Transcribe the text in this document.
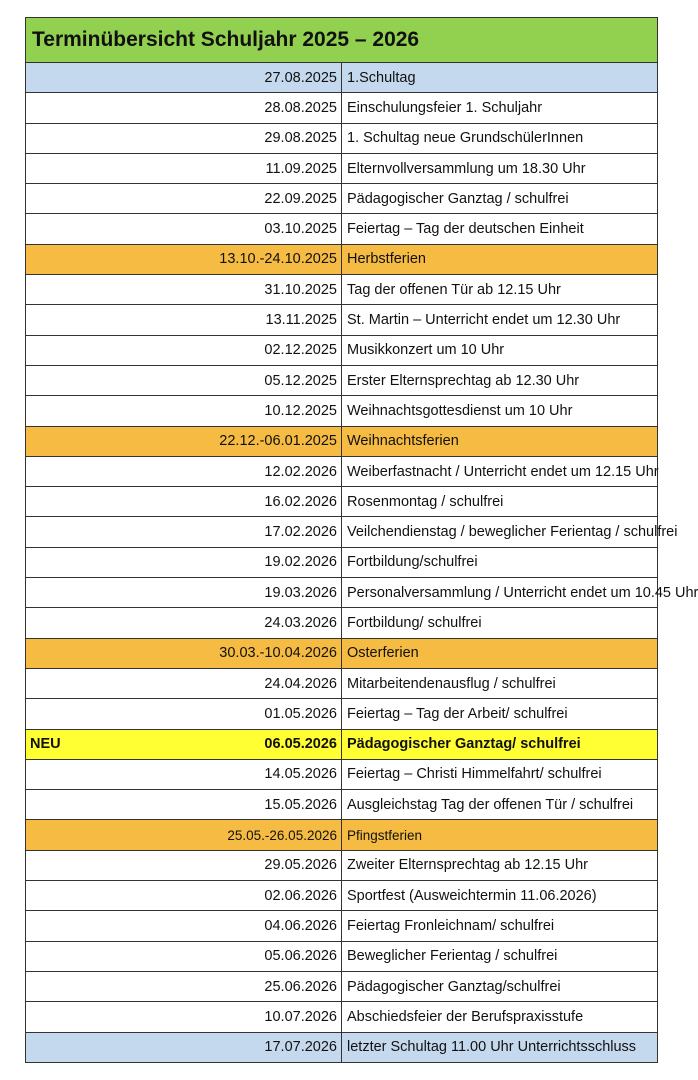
Terminübersicht Schuljahr 2025 – 2026	
27.08.2025	1.Schultag
28.08.2025	Einschulungsfeier 1. Schuljahr
29.08.2025	1. Schultag neue GrundschülerInnen
11.09.2025	Elternvollversammlung um 18.30 Uhr
22.09.2025	Pädagogischer Ganztag / schulfrei
03.10.2025	Feiertag – Tag der deutschen Einheit
13.10.-24.10.2025	Herbstferien
31.10.2025	Tag der offenen Tür ab 12.15 Uhr
13.11.2025	St. Martin – Unterricht endet um 12.30 Uhr
02.12.2025	Musikkonzert um 10 Uhr
05.12.2025	Erster Elternsprechtag ab 12.30 Uhr
10.12.2025	Weihnachtsgottesdienst um 10 Uhr
22.12.-06.01.2025	Weihnachtsferien
12.02.2026	Weiberfastnacht / Unterricht endet um 12.15 Uhr
16.02.2026	Rosenmontag / schulfrei
17.02.2026	Veilchendienstag / beweglicher Ferientag / schulfrei
19.02.2026	Fortbildung/schulfrei
19.03.2026	Personalversammlung / Unterricht endet um 10.45 Uhr
24.03.2026	Fortbildung/ schulfrei
30.03.-10.04.2026	Osterferien
24.04.2026	Mitarbeitendenausflug / schulfrei
01.05.2026	Feiertag – Tag der Arbeit/ schulfrei

NEU 06.05.2026	Pädagogischer Ganztag/ schulfrei
14.05.2026	Feiertag – Christi Himmelfahrt/ schulfrei
15.05.2026	Ausgleichstag Tag der offenen Tür / schulfrei
25.05.-26.05.2026	Pfingstferien
29.05.2026	Zweiter Elternsprechtag ab 12.15 Uhr
02.06.2026	Sportfest (Ausweichtermin 11.06.2026)
04.06.2026	Feiertag Fronleichnam/ schulfrei
05.06.2026	Beweglicher Ferientag / schulfrei
25.06.2026	Pädagogischer Ganztag/schulfrei
10.07.2026	Abschiedsfeier der Berufspraxisstufe
17.07.2026	letzter Schultag 11.00 Uhr Unterrichtsschluss
